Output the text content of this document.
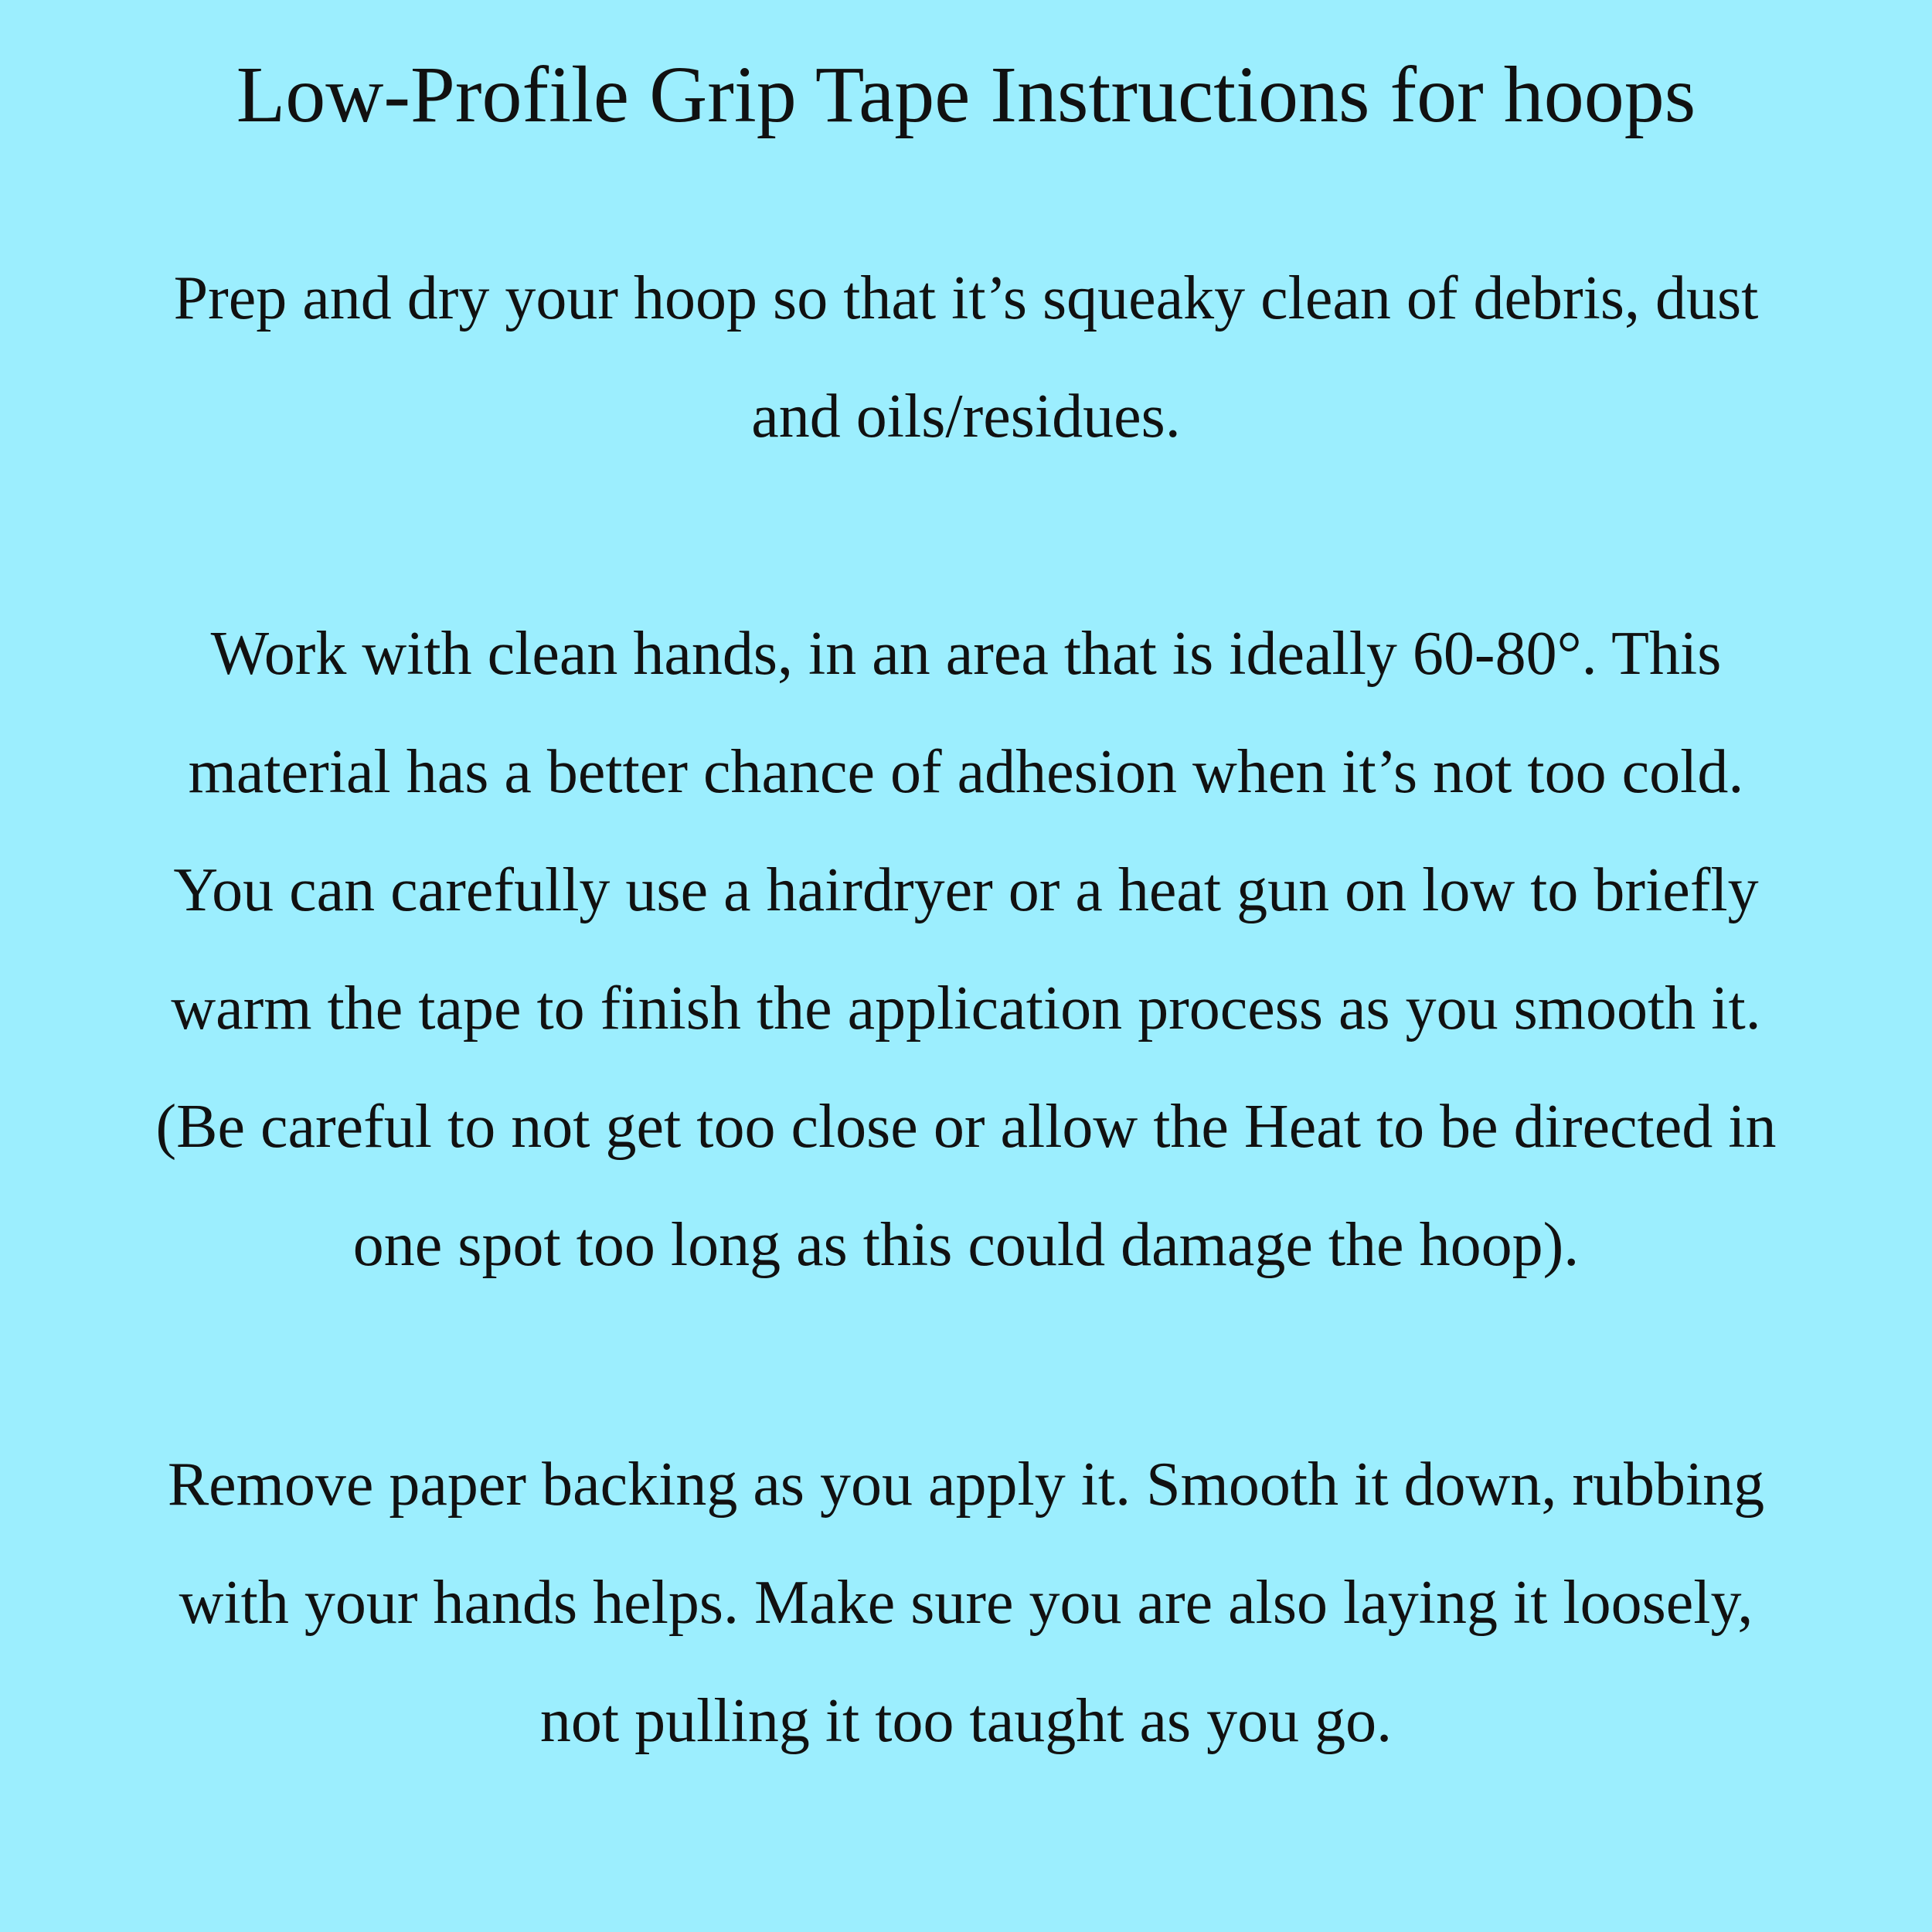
Low-Profile Grip Tape Instructions for hoops
Prep and dry your hoop so that it’s squeaky clean of debris, dust
and oils/residues.
Work with clean hands, in an area that is ideally 60-80°. This
material has a better chance of adhesion when it’s not too cold.
You can carefully use a hairdryer or a heat gun on low to briefly
warm the tape to finish the application process as you smooth it.
(Be careful to not get too close or allow the Heat to be directed in
one spot too long as this could damage the hoop).
Remove paper backing as you apply it. Smooth it down, rubbing
with your hands helps. Make sure you are also laying it loosely,
not pulling it too taught as you go.
